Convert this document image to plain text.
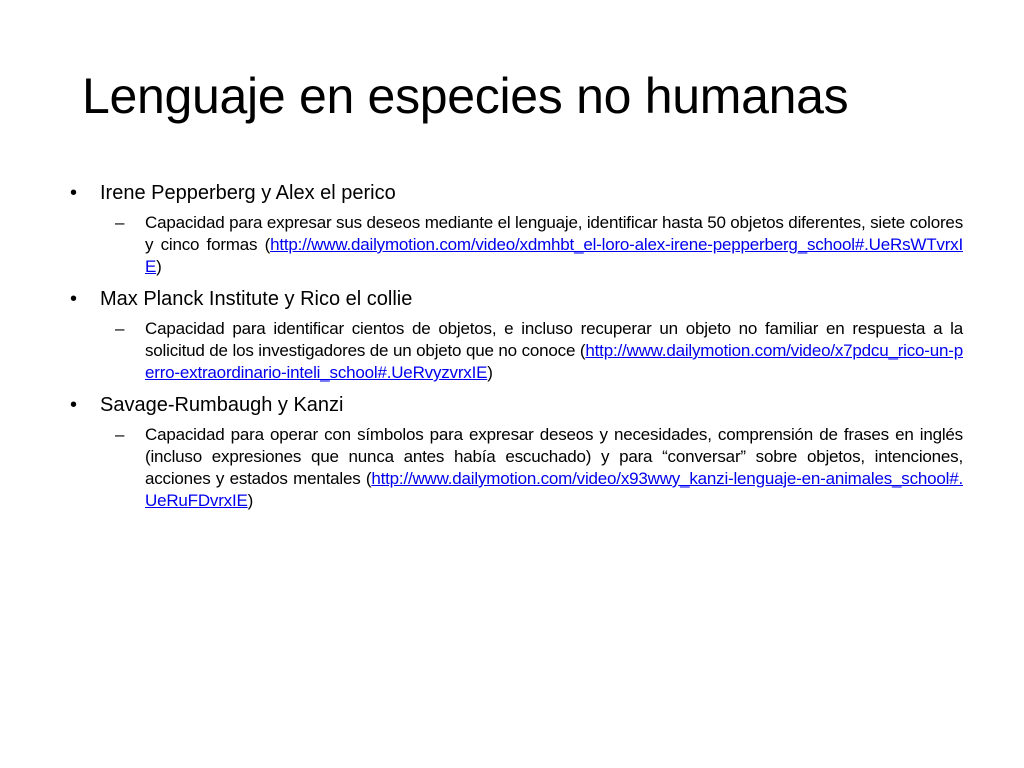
Lenguaje en especies no humanas
• Irene Pepperberg y Alex el perico
– Capacidad para expresar sus deseos mediante el lenguaje, identificar hasta 50 objetos diferentes, siete colores y cinco formas (http://www.dailymotion.com/video/xdmhbt_el-loro-alex-irene-pepperberg_school#.UeRsWTvrxIE)

• Max Planck Institute y Rico el collie
– Capacidad para identificar cientos de objetos, e incluso recuperar un objeto no familiar en respuesta a la solicitud de los investigadores de un objeto que no conoce (http://www.dailymotion.com/video/x7pdcu_rico-un-perro-extraordinario-inteli_school#.UeRvyzvrxIE)

• Savage-Rumbaugh y Kanzi
– Capacidad para operar con símbolos para expresar deseos y necesidades, comprensión de frases en inglés (incluso expresiones que nunca antes había escuchado) y para “conversar” sobre objetos, intenciones, acciones y estados mentales (http://www.dailymotion.com/video/x93wwy_kanzi-lenguaje-en-animales_school#.UeRuFDvrxIE)
